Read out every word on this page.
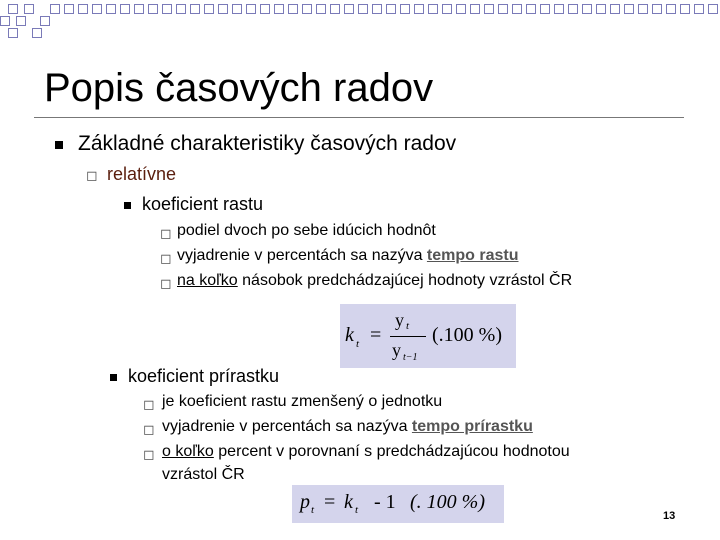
Popis časových radov
Základné charakteristiky časových radov
◻ relatívne
koeficient rastu
◻ podiel dvoch po sebe idúcich hodnôt
◻ vyjadrenie v percentách sa nazýva tempo rastu
◻ na koľko násobok predchádzajúcej hodnoty vzrástol ČR
k t =
y t
y t−1
(.100 %)
koeficient prírastku
◻ je koeficient rastu zmenšený o jednotku
◻ vyjadrenie v percentách sa nazýva tempo prírastku
◻ o koľko percent v porovnaní s predchádzajúcou hodnotou
vzrástol ČR
p t = k t - 1 (. 100 %)
13
